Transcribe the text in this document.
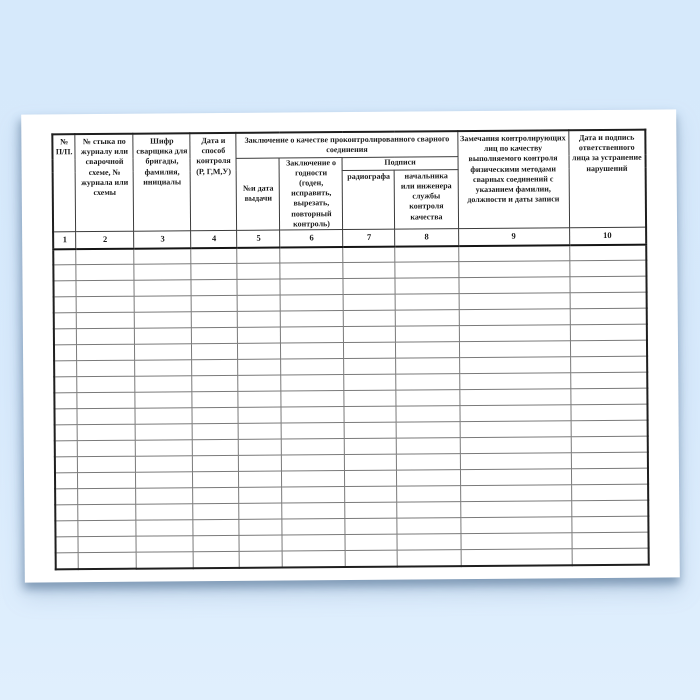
№ П/П.	№ стыка по журналу или сварочной схеме, № журнала или схемы	Шифр сварщика для бригады, фамилия, инициалы	Дата и способ контроля (Р, Г,М,У)	Заключение о качестве проконтролированного сварного соединения				Замечания контролирующих лиц по качеству выполняемого контроля физическими методами сварных соединений с указанием фамилии, должности и даты записи	Дата и подпись ответственного лица за устранение нарушений
				№и дата выдачи	Заключение о годности (годен, исправить, вырезать, повторный контроль)	Подписи			
						радиографа	начальника или инженера службы контроля качества		
1	2	3	4	5	6	7	8	9	10
